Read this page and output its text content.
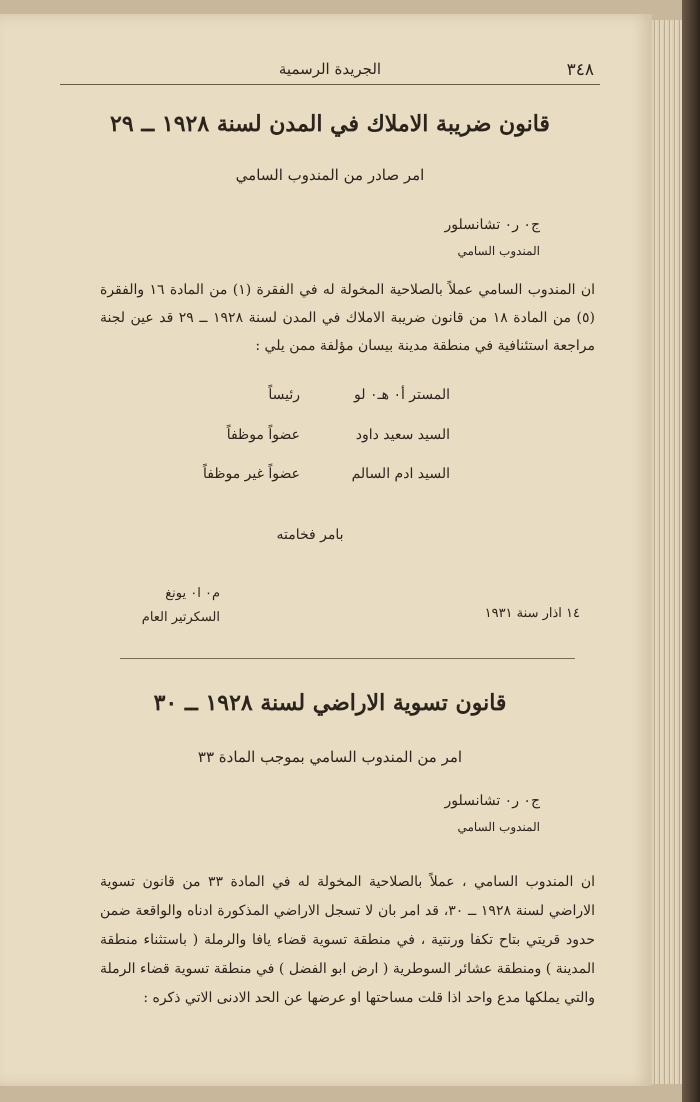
٣٤٨
الجريدة الرسمية
قانون ضريبة الاملاك في المدن لسنة ١٩٢٨ ــ ٢٩
امر صادر من المندوب السامي
ج٠ ر٠ تشانسلور
المندوب السامي
ان المندوب السامي عملاً بالصلاحية المخولة له في الفقرة (١) من المادة ١٦ والفقرة (٥) من المادة ١٨ من قانون ضريبة الاملاك في المدن لسنة ١٩٢٨ ــ ٢٩ قد عين لجنة مراجعة استئنافية في منطقة مدينة بيسان مؤلفة ممن يلي :
المستر أ٠ هـ٠ لو
رئيساً
السيد سعيد داود
عضواً موظفاً
السيد ادم السالم
عضواً غير موظفاً
بامر فخامته
م٠ ا٠ يونغ
السكرتير العام	١٤ اذار سنة ١٩٣١
قانون تسوية الاراضي لسنة ١٩٢٨ ــ ٣٠
امر من المندوب السامي بموجب المادة ٣٣
ج٠ ر٠ تشانسلور
المندوب السامي
ان المندوب السامي ، عملاً بالصلاحية المخولة له في المادة ٣٣ من قانون تسوية الاراضي لسنة ١٩٢٨ ــ ٣٠، قد امر بان لا تسجل الاراضي المذكورة ادناه والواقعة ضمن حدود قريتي بتاح تكفا ورنتية ، في منطقة تسوية قضاء يافا والرملة ( باستثناء منطقة المدينة ) ومنطقة عشائر السوطرية ( ارض ابو الفضل ) في منطقة تسوية قضاء الرملة والتي يملكها مدع واحد اذا قلت مساحتها او عرضها عن الحد الادنى الاتي ذكره :
